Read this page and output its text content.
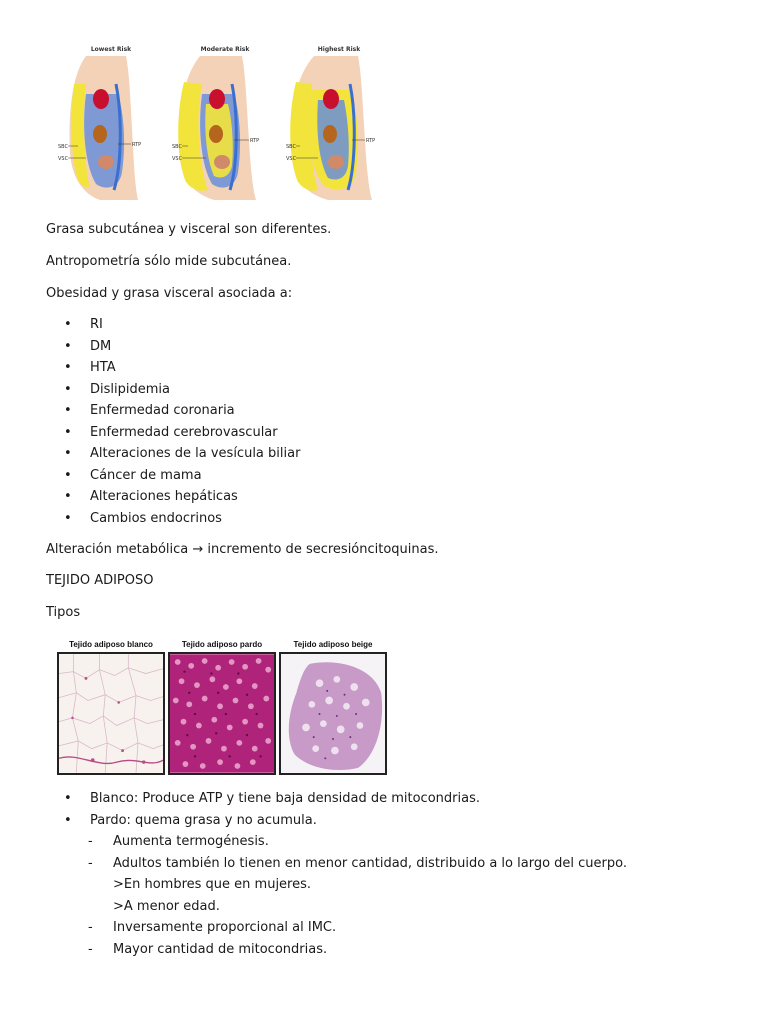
Lowest Risk
SBC
VSC
RTP
Moderate Risk
SBC
VSC
RTP
Highest Risk
SBC
VSC
RTP
Grasa subcutánea y visceral son diferentes.
Antropometría sólo mide subcutánea.
Obesidad y grasa visceral asociada a:
• RI
• DM
• HTA
• Dislipidemia
• Enfermedad coronaria
• Enfermedad cerebrovascular
• Alteraciones de la vesícula biliar
• Cáncer de mama
• Alteraciones hepáticas
• Cambios endocrinos
Alteración metabólica → incremento de secresióncitoquinas.
TEJIDO ADIPOSO
Tipos
Tejido adiposo blanco	Tejido adiposo pardo	Tejido adiposo beige
• Blanco: Produce ATP y tiene baja densidad de mitocondrias.
• Pardo: quema grasa y no acumula.
- Aumenta termogénesis.
- Adultos también lo tienen en menor cantidad, distribuido a lo largo del cuerpo.
>En hombres que en mujeres.
>A menor edad.
- Inversamente proporcional al IMC.
- Mayor cantidad de mitocondrias.
